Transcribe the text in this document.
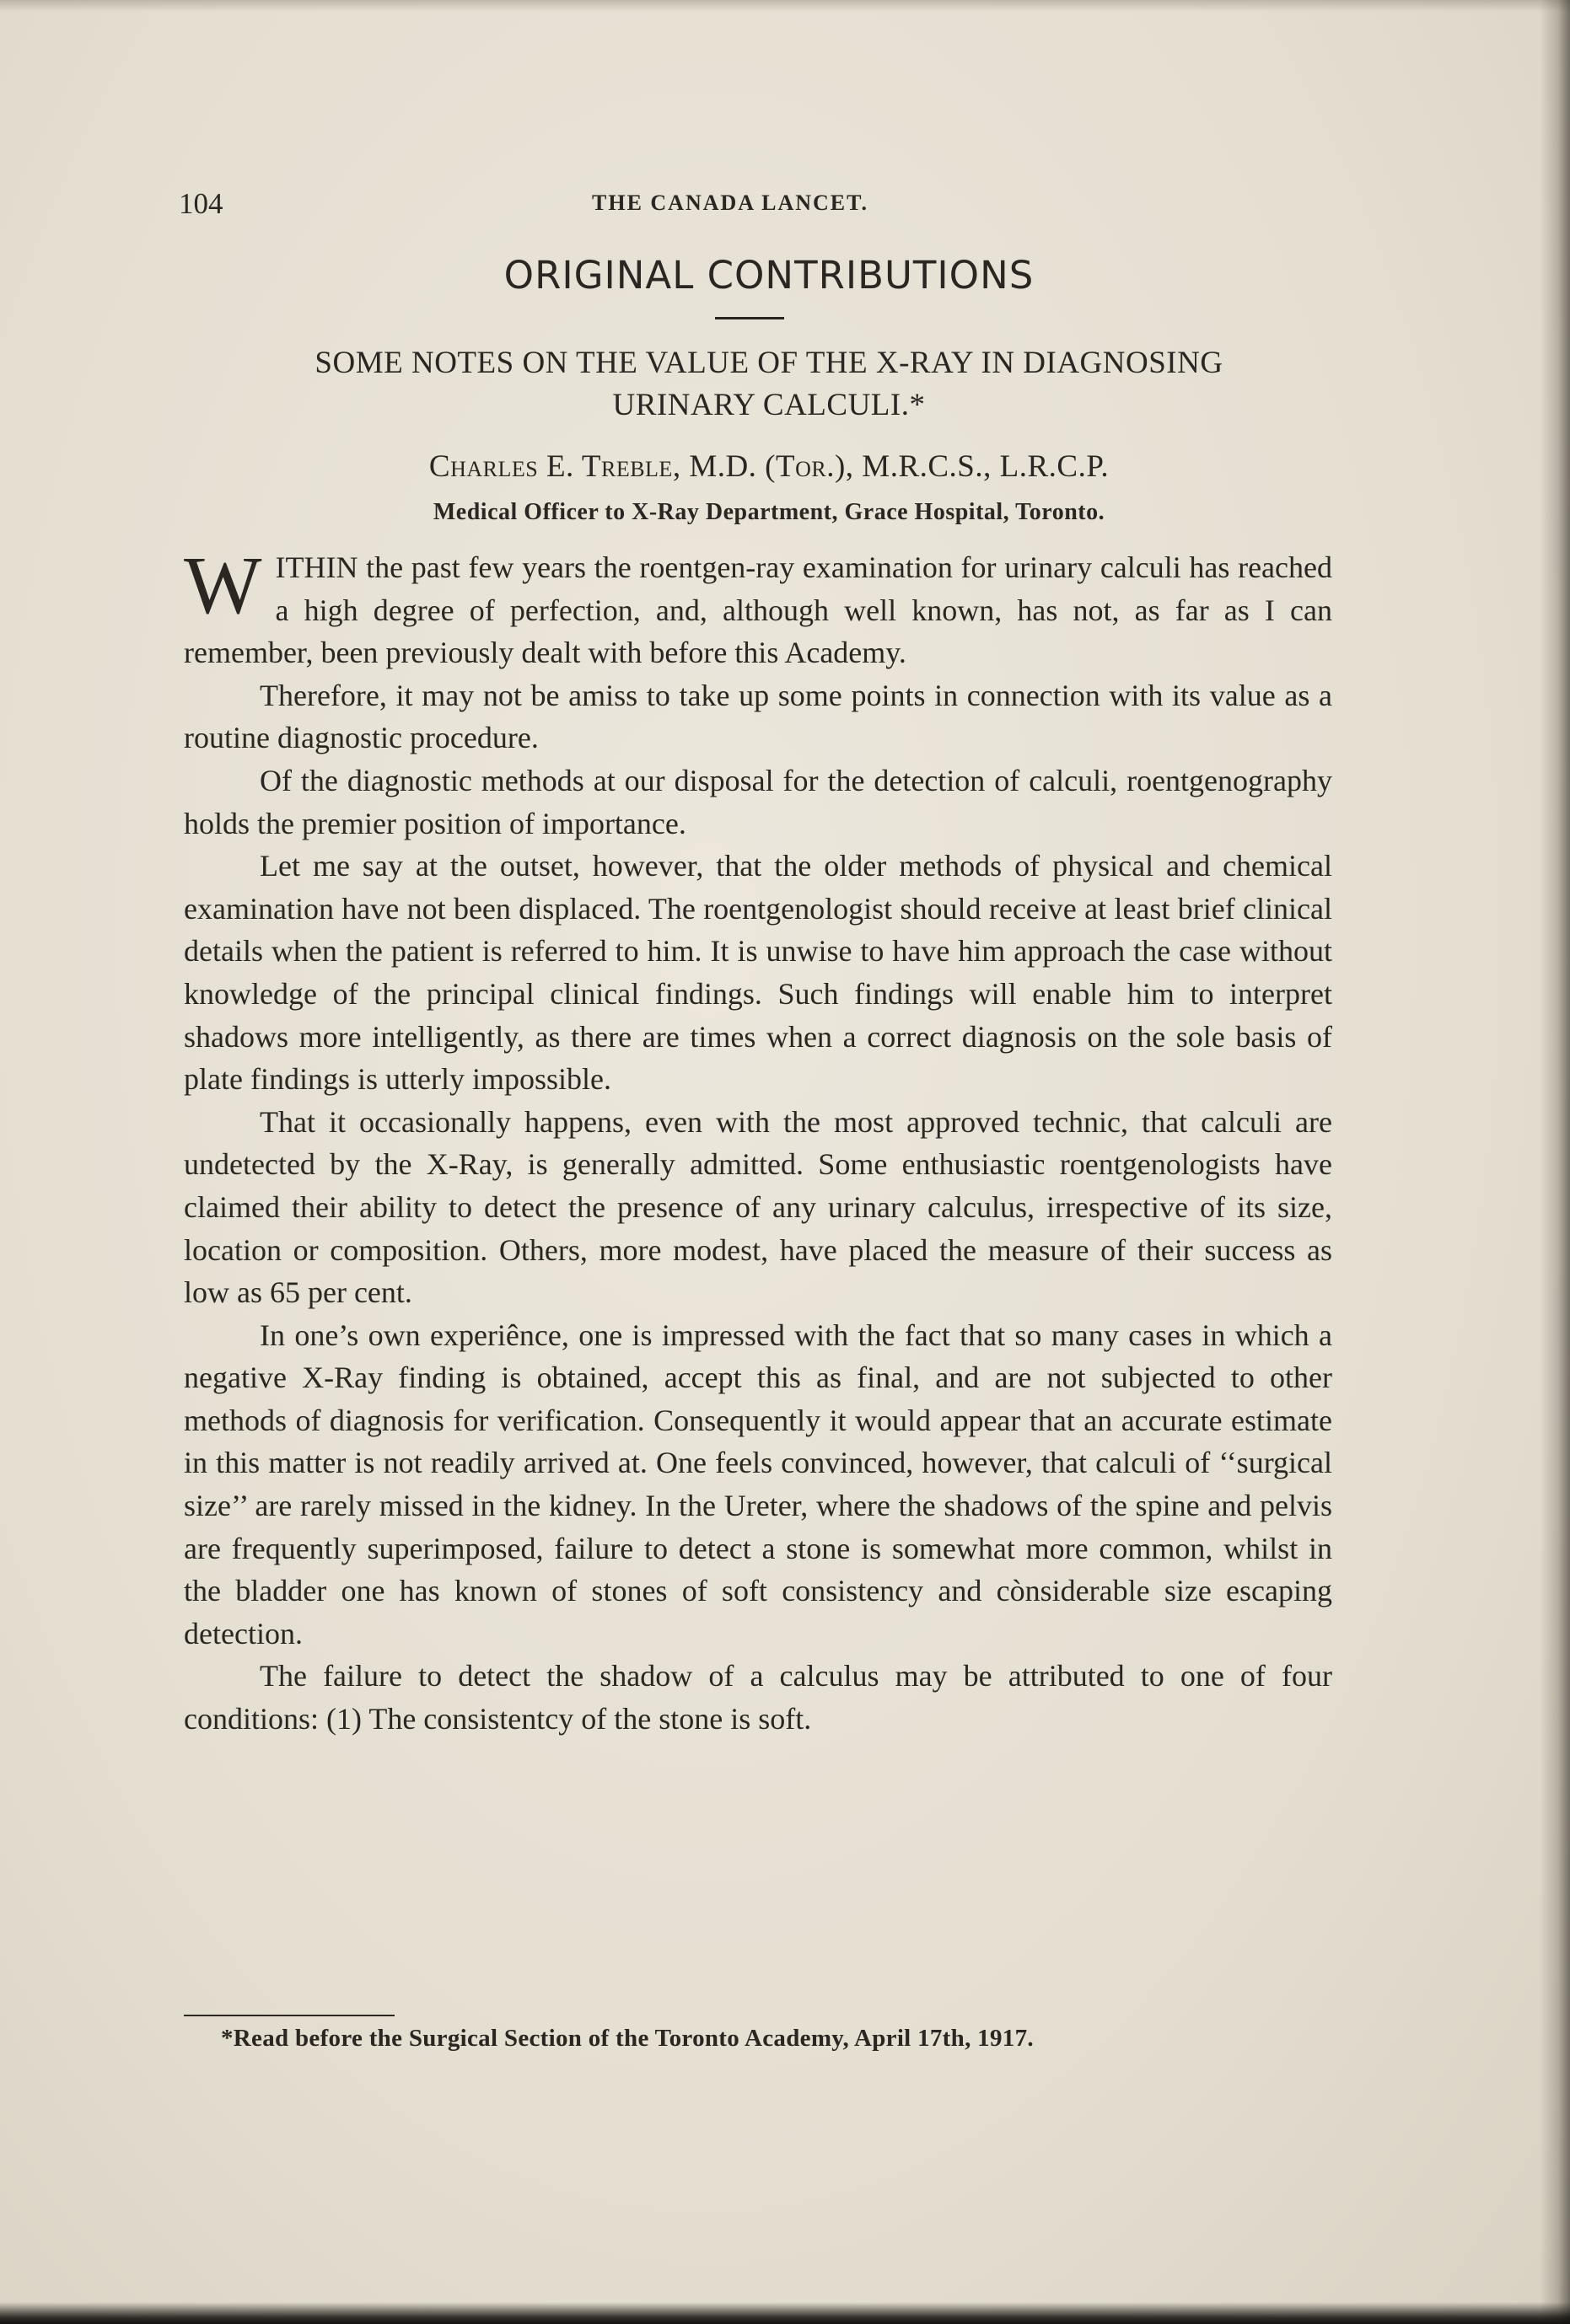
104	THE CANADA LANCET.
ORIGINAL CONTRIBUTIONS
SOME NOTES ON THE VALUE OF THE X-RAY IN DIAGNOSING
URINARY CALCULI.*
Charles E. Treble, M.D. (Tor.), M.R.C.S., L.R.C.P.
Medical Officer to X-Ray Department, Grace Hospital, Toronto.

WITHIN the past few years the roentgen-ray examination for urinary calculi has reached a high degree of perfection, and, although well known, has not, as far as I can remember, been previously dealt with before this Academy.

Therefore, it may not be amiss to take up some points in connection with its value as a routine diagnostic procedure.

Of the diagnostic methods at our disposal for the detection of calculi, roentgenography holds the premier position of importance.

Let me say at the outset, however, that the older methods of physical and chemical examination have not been displaced. The roentgenologist should receive at least brief clinical details when the patient is referred to him. It is unwise to have him approach the case without knowledge of the principal clinical findings. Such findings will enable him to interpret shadows more intelligently, as there are times when a correct diagnosis on the sole basis of plate findings is utterly impossible.

That it occasionally happens, even with the most approved technic, that calculi are undetected by the X-Ray, is generally admitted. Some enthusiastic roentgenologists have claimed their ability to detect the presence of any urinary calculus, irrespective of its size, location or composition. Others, more modest, have placed the measure of their success as low as 65 per cent.

In one’s own experiênce, one is impressed with the fact that so many cases in which a negative X-Ray finding is obtained, accept this as final, and are not subjected to other methods of diagnosis for verification. Consequently it would appear that an accurate estimate in this matter is not readily arrived at. One feels convinced, however, that calculi of ‘‘surgical size’’ are rarely missed in the kidney. In the Ureter, where the shadows of the spine and pelvis are frequently superimposed, failure to detect a stone is somewhat more common, whilst in the bladder one has known of stones of soft consistency and cònsiderable size escaping detection.

The failure to detect the shadow of a calculus may be attributed to one of four conditions: (1) The consistentcy of the stone is soft.

*Read before the Surgical Section of the Toronto Academy, April 17th, 1917.
